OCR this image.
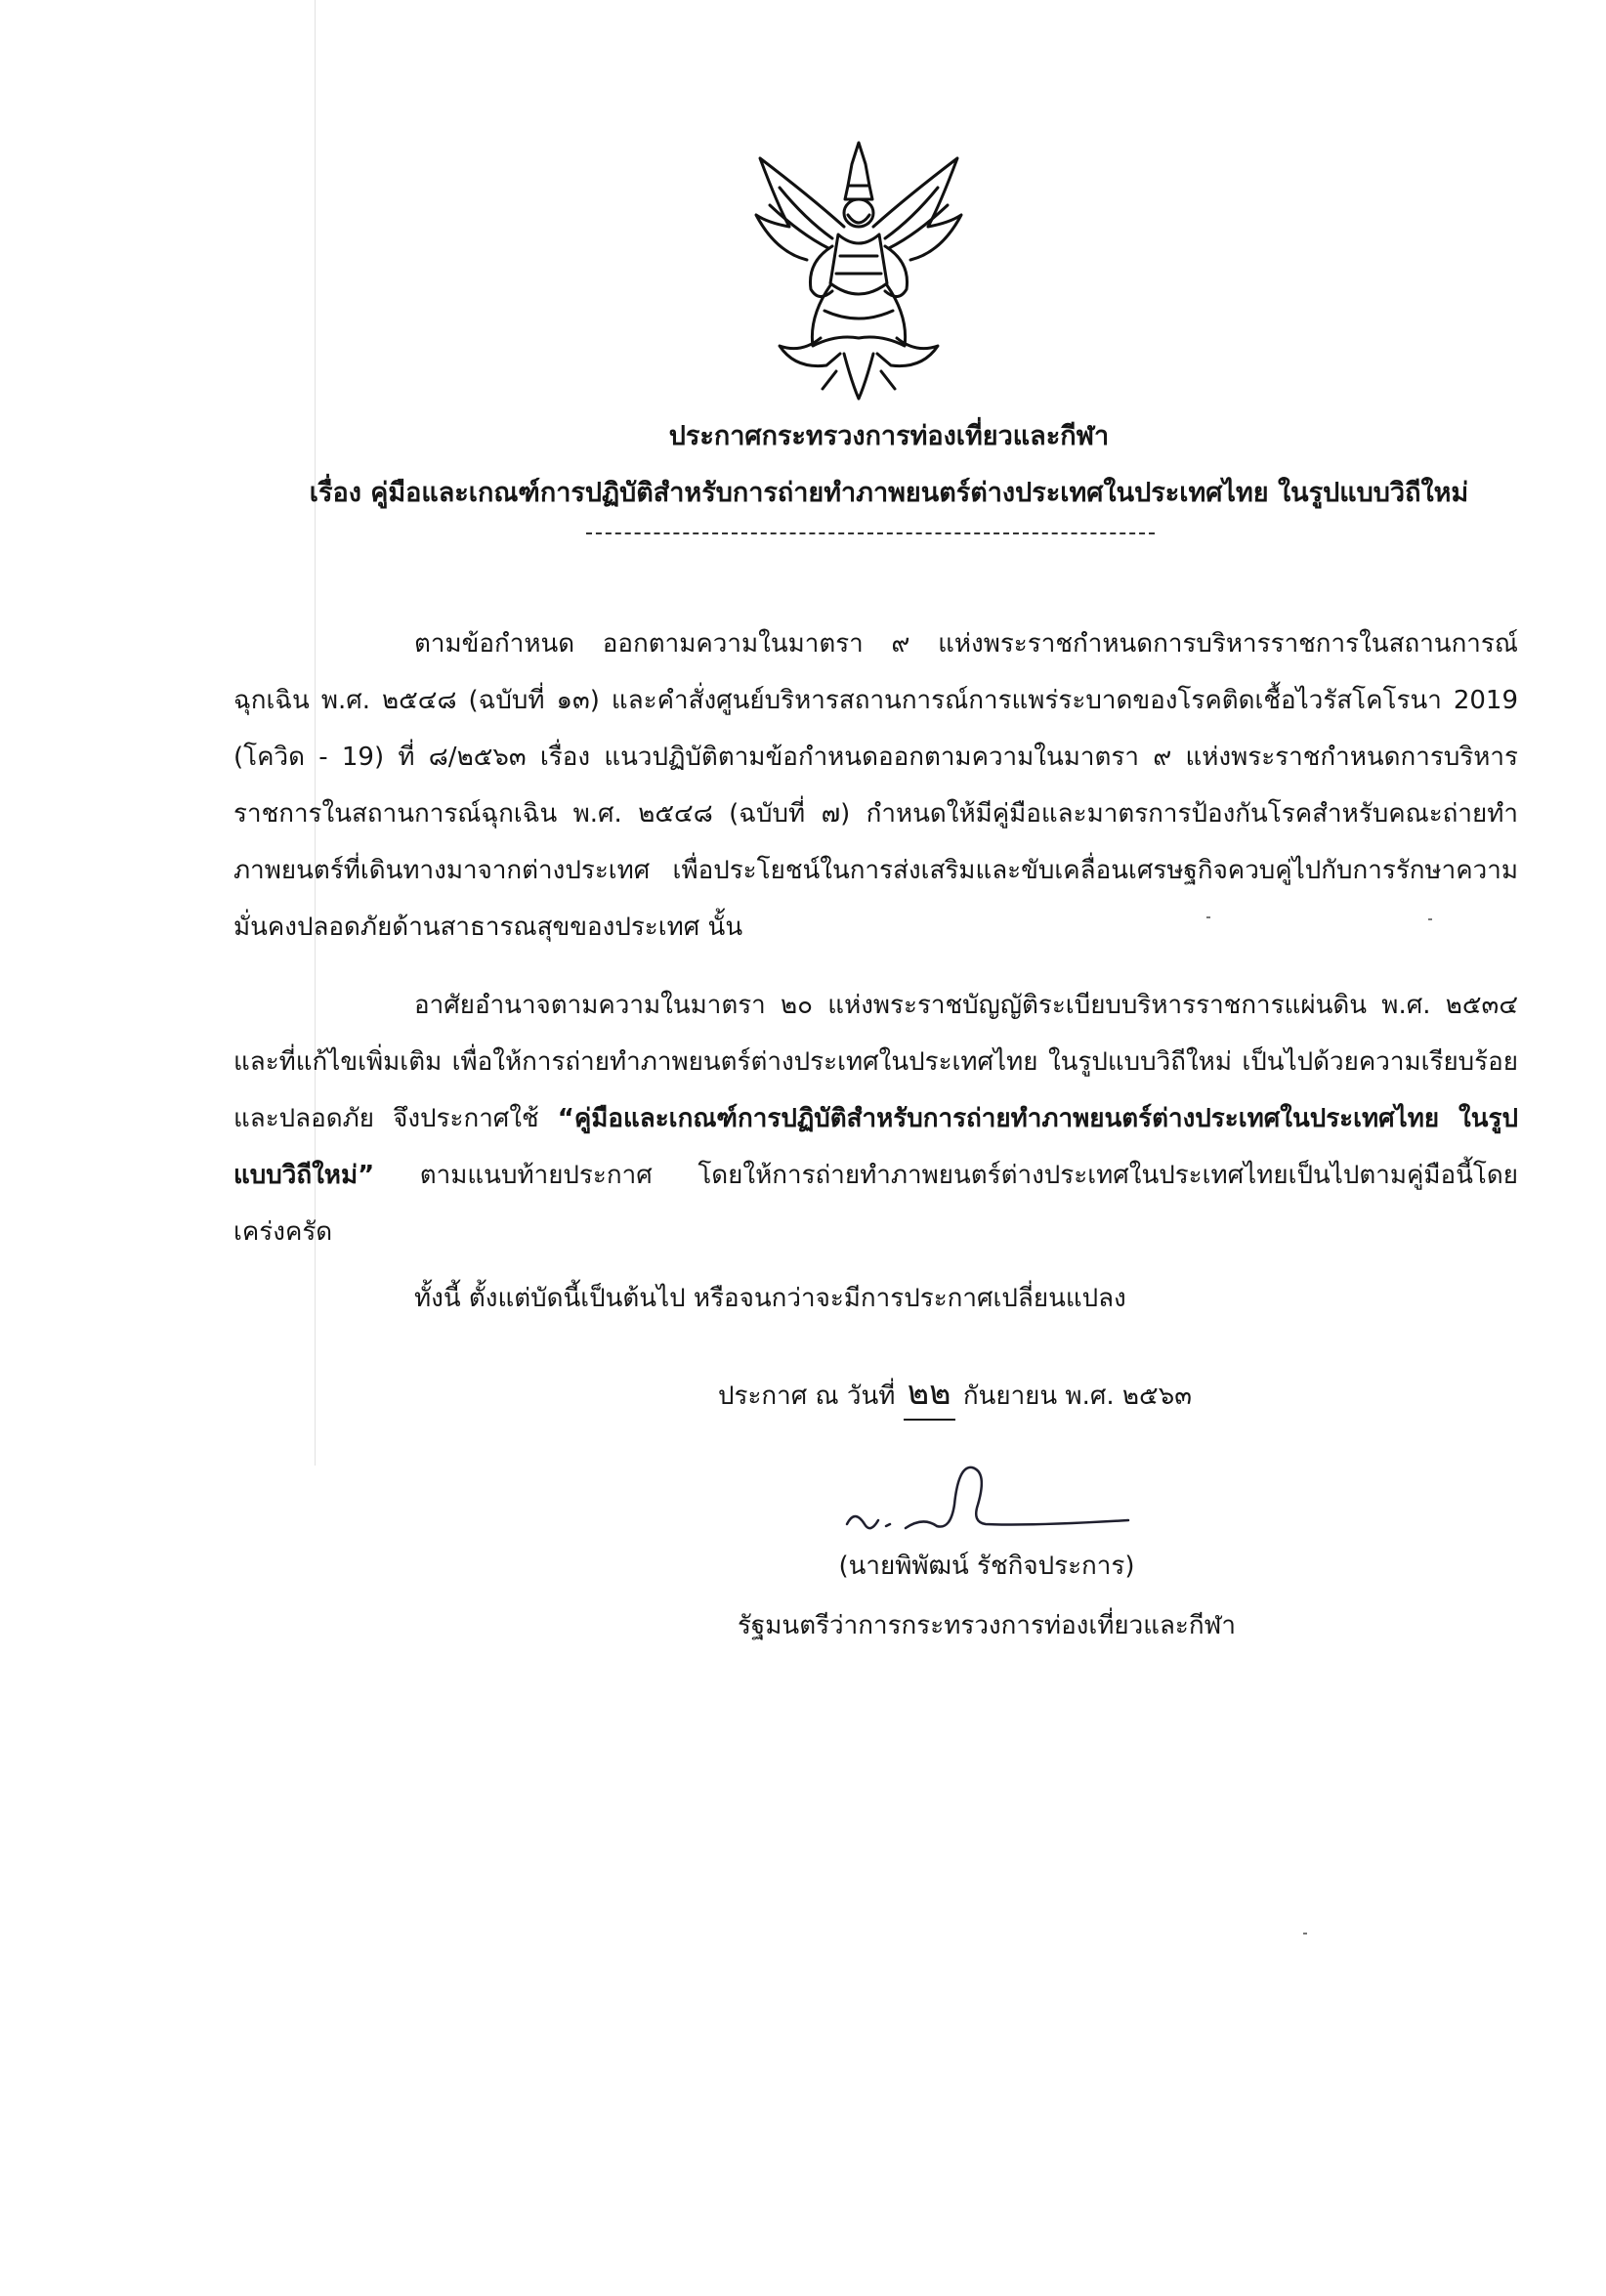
ประกาศกระทรวงการท่องเที่ยวและกีฬา
เรื่อง คู่มือและเกณฑ์การปฏิบัติสำหรับการถ่ายทำภาพยนตร์ต่างประเทศในประเทศไทย ในรูปแบบวิถีใหม่

ตามข้อกำหนด ออกตามความในมาตรา ๙ แห่งพระราชกำหนดการบริหารราชการในสถานการณ์ฉุกเฉิน พ.ศ. ๒๕๔๘ (ฉบับที่ ๑๓) และคำสั่งศูนย์บริหารสถานการณ์การแพร่ระบาดของโรคติดเชื้อไวรัสโคโรนา 2019 (โควิด - 19) ที่ ๘/๒๕๖๓ เรื่อง แนวปฏิบัติตามข้อกำหนดออกตามความในมาตรา ๙ แห่งพระราชกำหนดการบริหารราชการในสถานการณ์ฉุกเฉิน พ.ศ. ๒๕๔๘ (ฉบับที่ ๗) กำหนดให้มีคู่มือและมาตรการป้องกันโรคสำหรับคณะถ่ายทำภาพยนตร์ที่เดินทางมาจากต่างประเทศ เพื่อประโยชน์ในการส่งเสริมและขับเคลื่อนเศรษฐกิจควบคู่ไปกับการรักษาความมั่นคงปลอดภัยด้านสาธารณสุขของประเทศ นั้น

อาศัยอำนาจตามความในมาตรา ๒๐ แห่งพระราชบัญญัติระเบียบบริหารราชการแผ่นดิน พ.ศ. ๒๕๓๔ และที่แก้ไขเพิ่มเติม เพื่อให้การถ่ายทำภาพยนตร์ต่างประเทศในประเทศไทย ในรูปแบบวิถีใหม่ เป็นไปด้วยความเรียบร้อยและปลอดภัย จึงประกาศใช้ “คู่มือและเกณฑ์การปฏิบัติสำหรับการถ่ายทำภาพยนตร์ต่างประเทศในประเทศไทย ในรูปแบบวิถีใหม่” ตามแนบท้ายประกาศ โดยให้การถ่ายทำภาพยนตร์ต่างประเทศในประเทศไทยเป็นไปตามคู่มือนี้โดยเคร่งครัด

ทั้งนี้ ตั้งแต่บัดนี้เป็นต้นไป หรือจนกว่าจะมีการประกาศเปลี่ยนแปลง

ประกาศ ณ วันที่ ๒๒ กันยายน พ.ศ. ๒๕๖๓
(นายพิพัฒน์ รัชกิจประการ)
รัฐมนตรีว่าการกระทรวงการท่องเที่ยวและกีฬา
